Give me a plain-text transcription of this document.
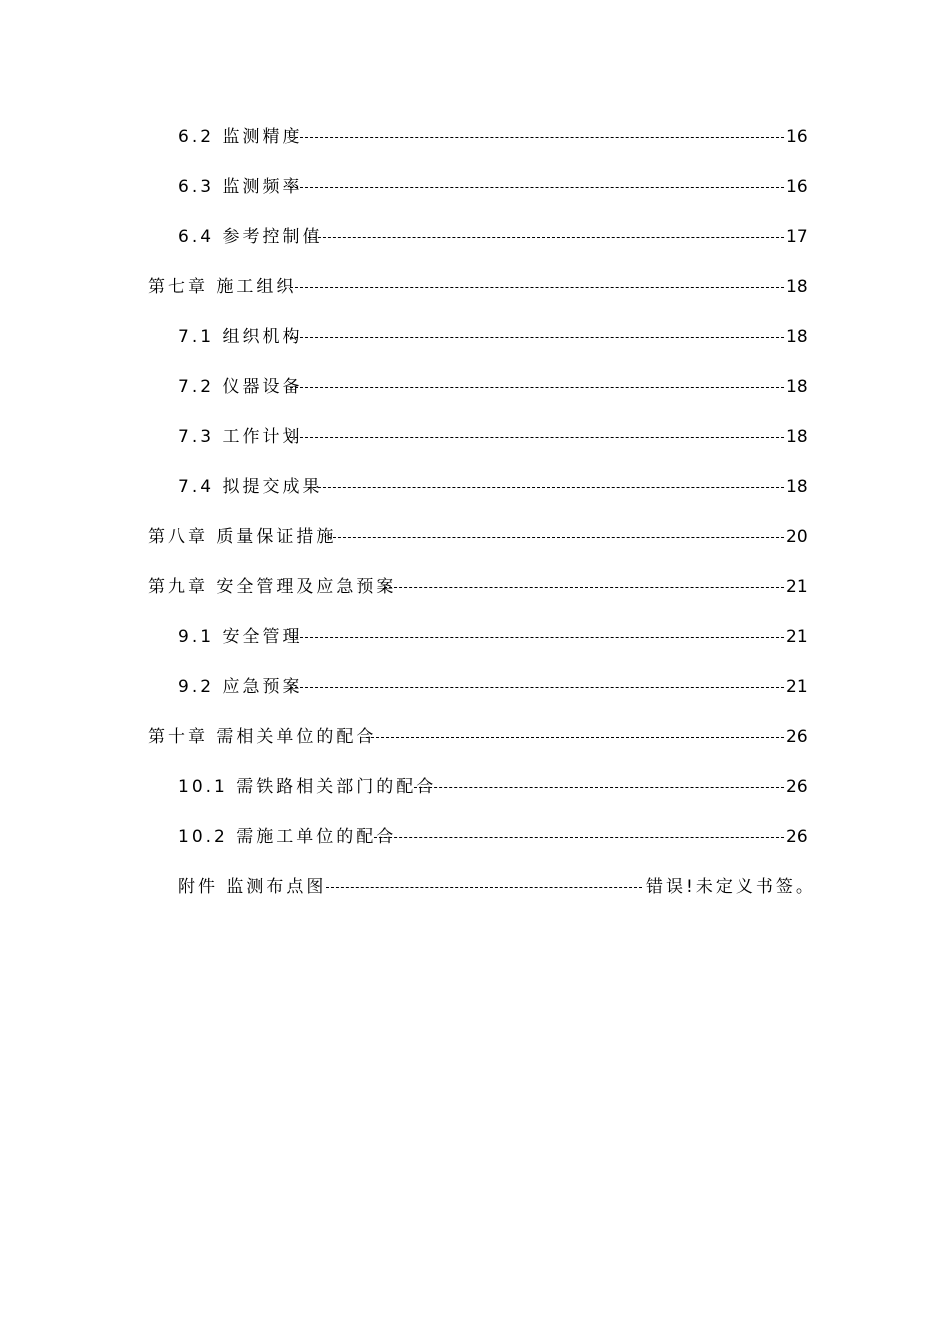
6.2 监测精度	16
6.3 监测频率	16
6.4 参考控制值	17
第七章 施工组织	18
7.1 组织机构	18
7.2 仪器设备	18
7.3 工作计划	18
7.4 拟提交成果	18
第八章 质量保证措施	20
第九章 安全管理及应急预案	21
9.1 安全管理	21
9.2 应急预案	21
第十章 需相关单位的配合	26
10.1 需铁路相关部门的配合	26
10.2 需施工单位的配合	26
附件 监测布点图	错误!未定义书签。
